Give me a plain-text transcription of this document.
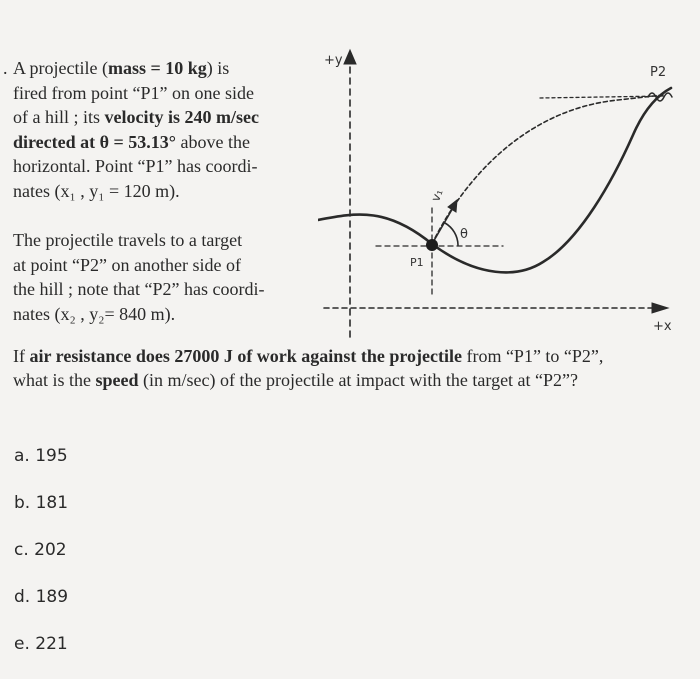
. A projectile (mass = 10 kg) is
fired from point “P1” on one side
of a hill ; its velocity is 240 m/sec
directed at θ = 53.13° above the
horizontal. Point “P1” has coordi-
nates (x₁ , y₁ = 120 m).

The projectile travels to a target
at point “P2” on another side of
the hill ; note that “P2” has coordi-
nates (x₂ , y₂= 840 m).

+y
+x
P1
P2
v₁
θ
If air resistance does 27000 J of work against the projectile from “P1” to “P2”,
what is the speed (in m/sec) of the projectile at impact with the target at “P2”?
a. 195
b. 181
c. 202
d. 189
e. 221
